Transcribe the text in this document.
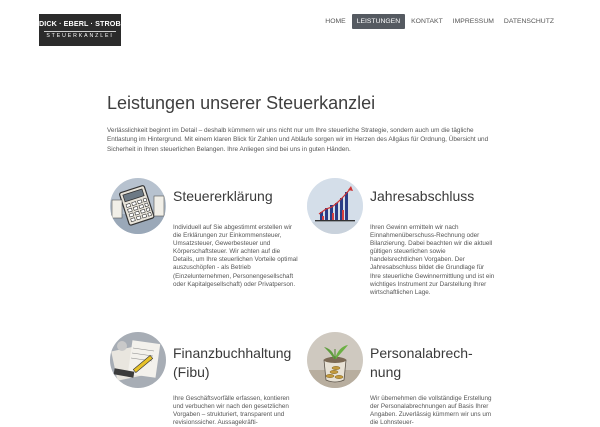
DICK · EBERL · STROBL
STEUERKANZLEI
HOME	LEISTUNGEN	KONTAKT	IMPRESSUM	DATENSCHUTZ
Leistungen unserer Steuerkanzlei

Verlässlichkeit beginnt im Detail – deshalb kümmern wir uns nicht nur um Ihre steuerliche Strategie, sondern auch um die tägliche Entlastung im Hintergrund. Mit einem klaren Blick für Zahlen und Abläufe sorgen wir im Herzen des Allgäus für Ordnung, Übersicht und Sicherheit in Ihren steuerlichen Belangen. Ihre Anliegen sind bei uns in guten Händen.

Steuererklärung

Individuell auf Sie abgestimmt erstellen wir die Erklärungen zur Einkommensteuer, Umsatzsteuer, Gewerbesteuer und Körperschaftsteuer. Wir achten auf die Details, um Ihre steuerlichen Vorteile optimal auszuschöpfen - als Betrieb (Einzelunternehmen, Personengesellschaft oder Kapitalgesellschaft) oder Privatperson.

Jahresabschluss

Ihren Gewinn ermitteln wir nach Einnahmenüberschuss-Rechnung oder Bilanzierung. Dabei beachten wir die aktuell gültigen steuerlichen sowie handelsrechtlichen Vorgaben. Der Jahresabschluss bildet die Grundlage für Ihre steuerliche Gewinnermittlung und ist ein wichtiges Instrument zur Darstellung Ihrer wirtschaftlichen Lage.

Finanzbuchhaltung
(Fibu)

Ihre Geschäftsvorfälle erfassen, kontieren und verbuchen wir nach den gesetzlichen Vorgaben – strukturiert, transparent und revisionssicher. Aussagekräfti-

Personalabrech-
nung

Wir übernehmen die vollständige Erstellung der Personalabrechnungen auf Basis Ihrer Angaben. Zuverlässig kümmern wir uns um die Lohnsteuer-
